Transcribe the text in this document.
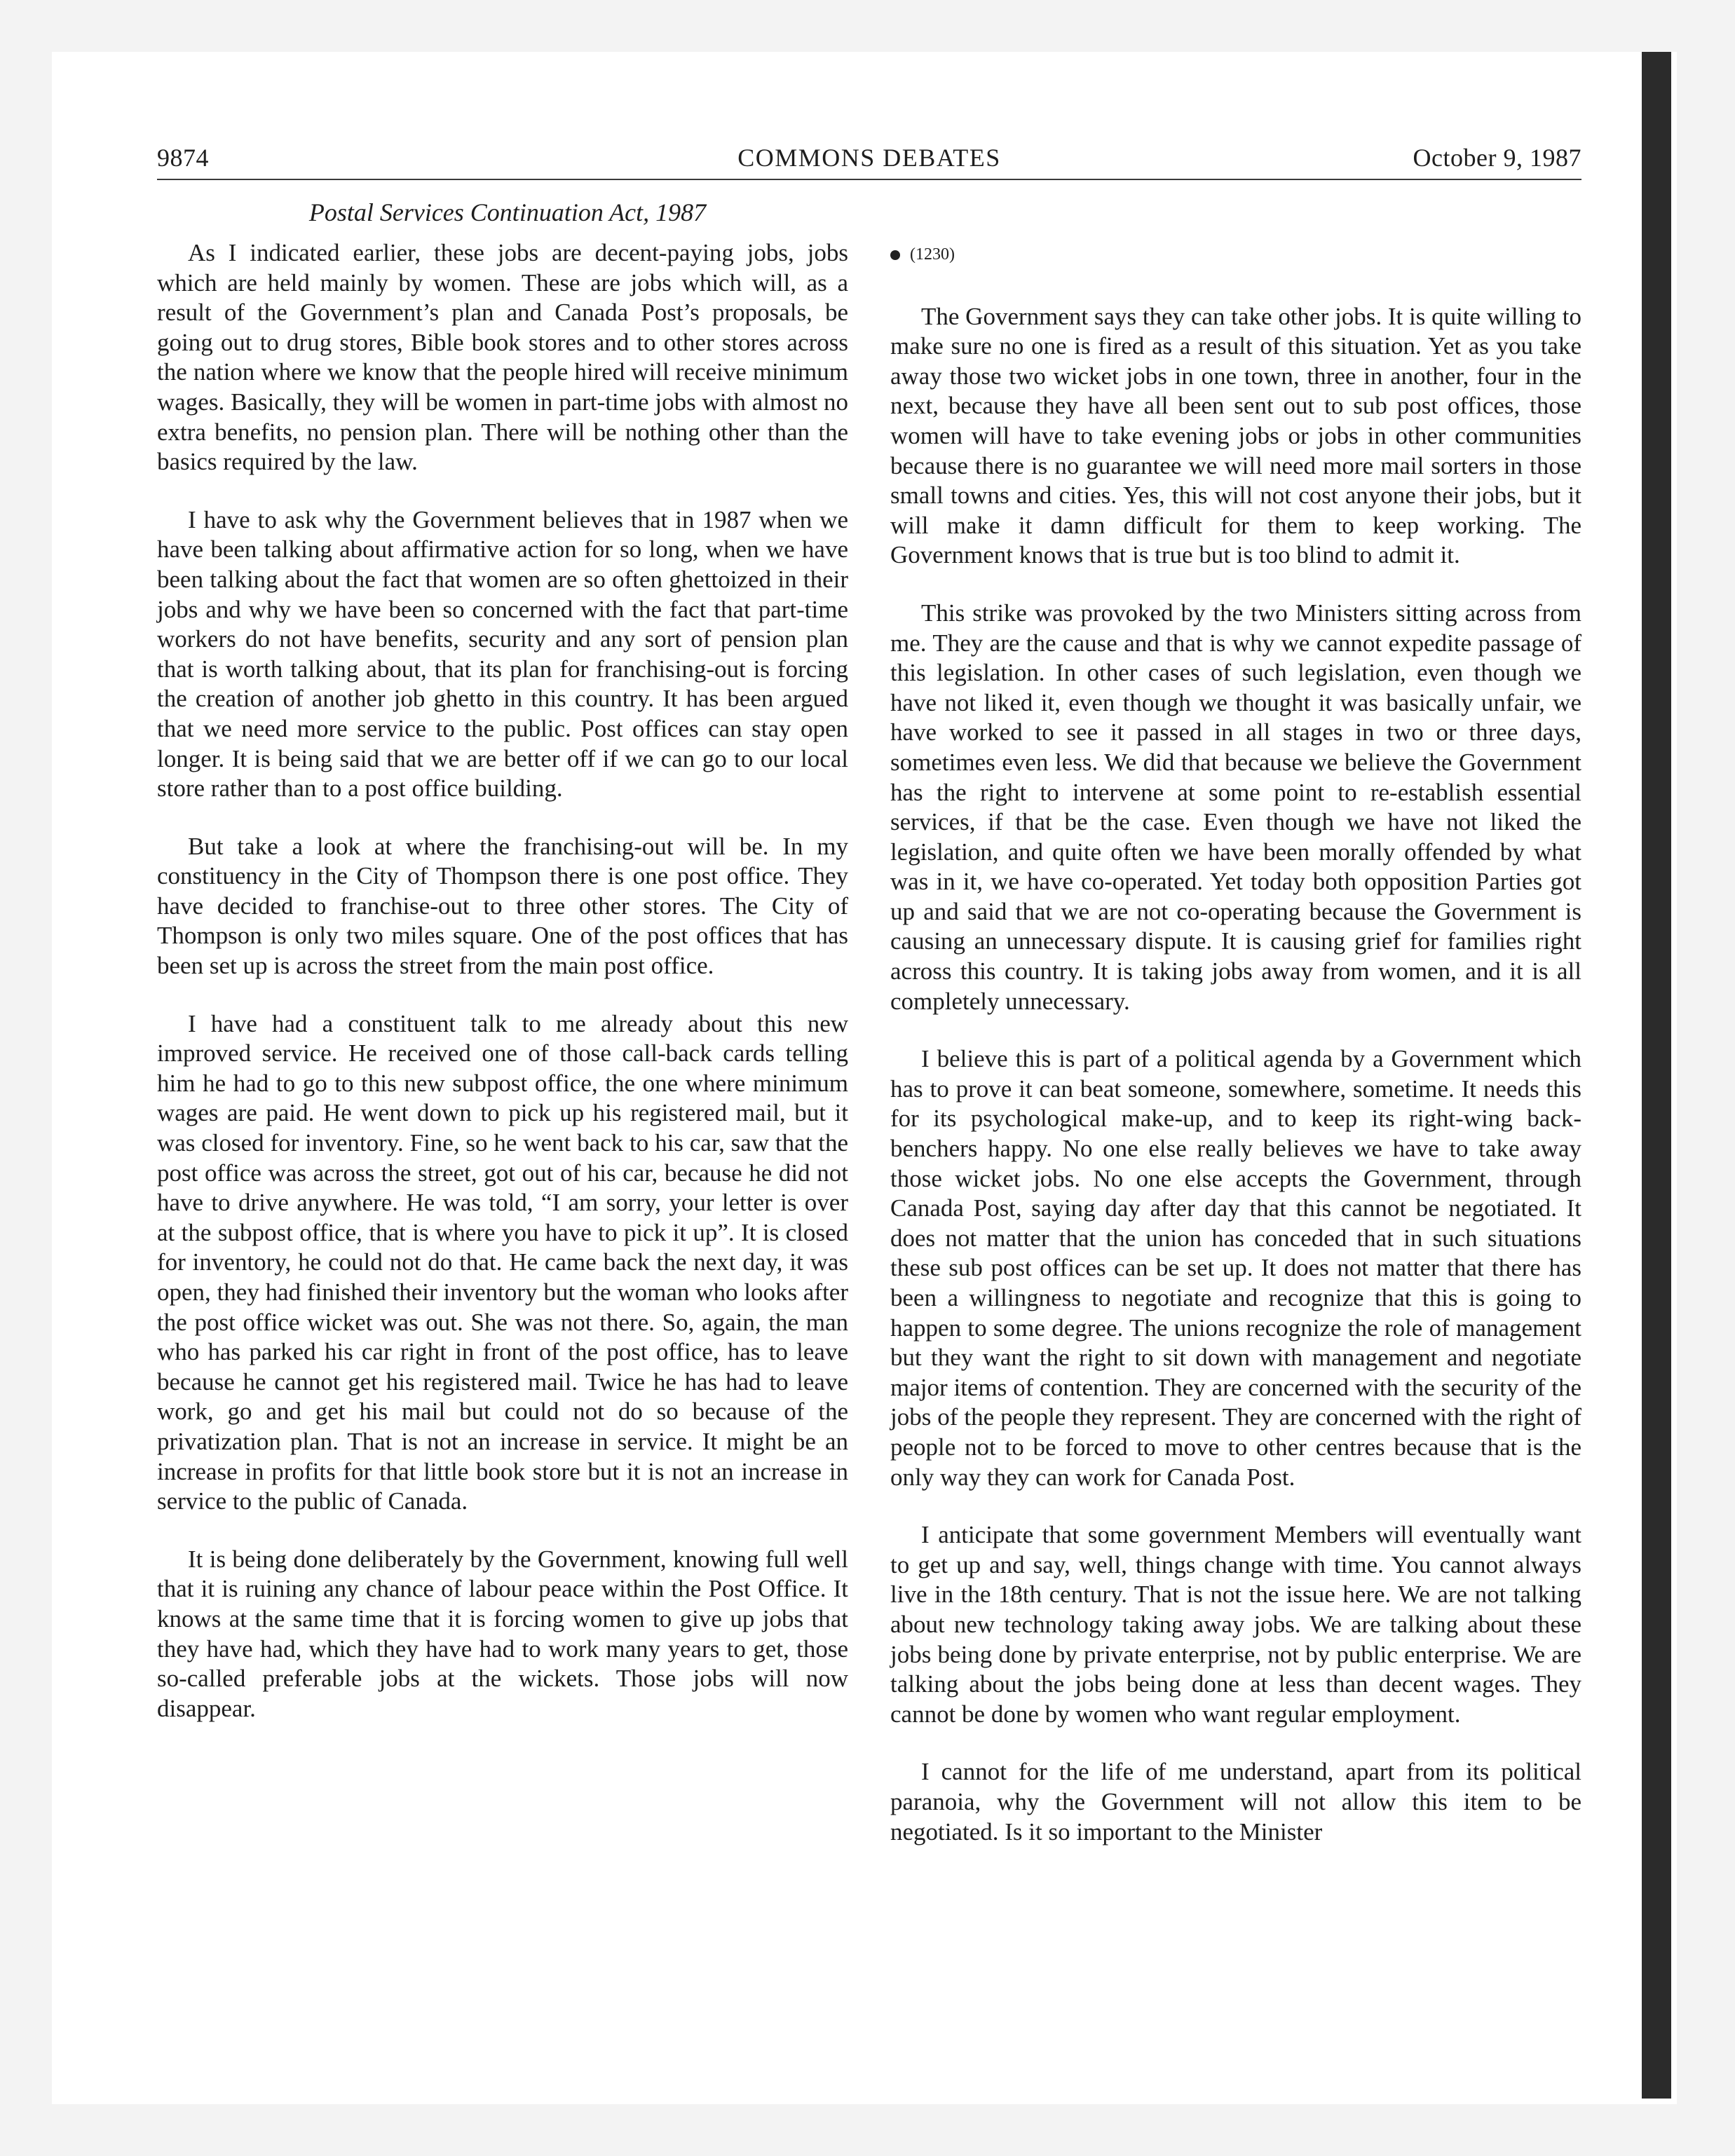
9874	COMMONS DEBATES	October 9, 1987
Postal Services Continuation Act, 1987

As I indicated earlier, these jobs are decent-paying jobs, jobs which are held mainly by women. These are jobs which will, as a result of the Government’s plan and Canada Post’s proposals, be going out to drug stores, Bible book stores and to other stores across the nation where we know that the people hired will receive minimum wages. Basically, they will be women in part-time jobs with almost no extra benefits, no pension plan. There will be nothing other than the basics required by the law.

I have to ask why the Government believes that in 1987 when we have been talking about affirmative action for so long, when we have been talking about the fact that women are so often ghettoized in their jobs and why we have been so concerned with the fact that part-time workers do not have benefits, security and any sort of pension plan that is worth talking about, that its plan for franchising-out is forcing the creation of another job ghetto in this country. It has been argued that we need more service to the public. Post offices can stay open longer. It is being said that we are better off if we can go to our local store rather than to a post office building.

But take a look at where the franchising-out will be. In my constituency in the City of Thompson there is one post office. They have decided to franchise-out to three other stores. The City of Thompson is only two miles square. One of the post offices that has been set up is across the street from the main post office.

I have had a constituent talk to me already about this new improved service. He received one of those call-back cards telling him he had to go to this new subpost office, the one where minimum wages are paid. He went down to pick up his registered mail, but it was closed for inventory. Fine, so he went back to his car, saw that the post office was across the street, got out of his car, because he did not have to drive anywhere. He was told, “I am sorry, your letter is over at the subpost office, that is where you have to pick it up”. It is closed for inventory, he could not do that. He came back the next day, it was open, they had finished their inventory but the woman who looks after the post office wicket was out. She was not there. So, again, the man who has parked his car right in front of the post office, has to leave because he cannot get his registered mail. Twice he has had to leave work, go and get his mail but could not do so because of the privatization plan. That is not an increase in service. It might be an increase in profits for that little book store but it is not an increase in service to the public of Canada.

It is being done deliberately by the Government, knowing full well that it is ruining any chance of labour peace within the Post Office. It knows at the same time that it is forcing women to give up jobs that they have had, which they have had to work many years to get, those so-called preferable jobs at the wickets. Those jobs will now disappear.

(1230)

The Government says they can take other jobs. It is quite willing to make sure no one is fired as a result of this situation. Yet as you take away those two wicket jobs in one town, three in another, four in the next, because they have all been sent out to sub post offices, those women will have to take evening jobs or jobs in other communities because there is no guarantee we will need more mail sorters in those small towns and cities. Yes, this will not cost anyone their jobs, but it will make it damn difficult for them to keep working. The Government knows that is true but is too blind to admit it.

This strike was provoked by the two Ministers sitting across from me. They are the cause and that is why we cannot expedite passage of this legislation. In other cases of such legislation, even though we have not liked it, even though we thought it was basically unfair, we have worked to see it passed in all stages in two or three days, sometimes even less. We did that because we believe the Government has the right to intervene at some point to re-establish essential services, if that be the case. Even though we have not liked the legislation, and quite often we have been morally offended by what was in it, we have co-operated. Yet today both opposition Parties got up and said that we are not co-operating because the Government is causing an unnecessary dispute. It is causing grief for families right across this country. It is taking jobs away from women, and it is all completely unnecessary.

I believe this is part of a political agenda by a Government which has to prove it can beat someone, somewhere, sometime. It needs this for its psychological make-up, and to keep its right-wing back-benchers happy. No one else really believes we have to take away those wicket jobs. No one else accepts the Government, through Canada Post, saying day after day that this cannot be negotiated. It does not matter that the union has conceded that in such situations these sub post offices can be set up. It does not matter that there has been a willingness to negotiate and recognize that this is going to happen to some degree. The unions recognize the role of management but they want the right to sit down with management and negotiate major items of contention. They are concerned with the security of the jobs of the people they represent. They are concerned with the right of people not to be forced to move to other centres because that is the only way they can work for Canada Post.

I anticipate that some government Members will eventually want to get up and say, well, things change with time. You cannot always live in the 18th century. That is not the issue here. We are not talking about new technology taking away jobs. We are talking about these jobs being done by private enterprise, not by public enterprise. We are talking about the jobs being done at less than decent wages. They cannot be done by women who want regular employment.

I cannot for the life of me understand, apart from its political paranoia, why the Government will not allow this item to be negotiated. Is it so important to the Minister
